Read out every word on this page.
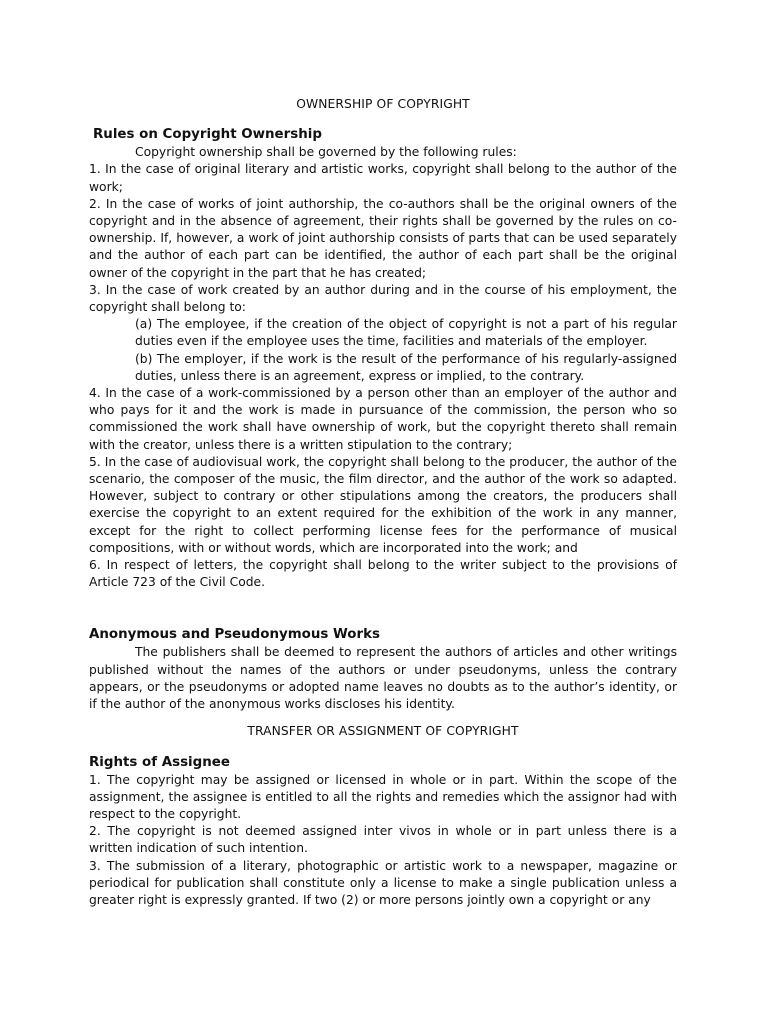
OWNERSHIP OF COPYRIGHT
Rules on Copyright Ownership

Copyright ownership shall be governed by the following rules:

1. In the case of original literary and artistic works, copyright shall belong to the author of the work;

2. In the case of works of joint authorship, the co-authors shall be the original owners of the copyright and in the absence of agreement, their rights shall be governed by the rules on co-ownership. If, however, a work of joint authorship consists of parts that can be used separately and the author of each part can be identified, the author of each part shall be the original owner of the copyright in the part that he has created;

3. In the case of work created by an author during and in the course of his employment, the copyright shall belong to:

(a) The employee, if the creation of the object of copyright is not a part of his regular duties even if the employee uses the time, facilities and materials of the employer.

(b) The employer, if the work is the result of the performance of his regularly-assigned duties, unless there is an agreement, express or implied, to the contrary.

4. In the case of a work-commissioned by a person other than an employer of the author and who pays for it and the work is made in pursuance of the commission, the person who so commissioned the work shall have ownership of work, but the copyright thereto shall remain with the creator, unless there is a written stipulation to the contrary;

5. In the case of audiovisual work, the copyright shall belong to the producer, the author of the scenario, the composer of the music, the film director, and the author of the work so adapted. However, subject to contrary or other stipulations among the creators, the producers shall exercise the copyright to an extent required for the exhibition of the work in any manner, except for the right to collect performing license fees for the performance of musical compositions, with or without words, which are incorporated into the work; and

6. In respect of letters, the copyright shall belong to the writer subject to the provisions of Article 723 of the Civil Code.

Anonymous and Pseudonymous Works

The publishers shall be deemed to represent the authors of articles and other writings published without the names of the authors or under pseudonyms, unless the contrary appears, or the pseudonyms or adopted name leaves no doubts as to the author’s identity, or if the author of the anonymous works discloses his identity.

TRANSFER OR ASSIGNMENT OF COPYRIGHT
Rights of Assignee

1. The copyright may be assigned or licensed in whole or in part. Within the scope of the assignment, the assignee is entitled to all the rights and remedies which the assignor had with respect to the copyright.

2. The copyright is not deemed assigned inter vivos in whole or in part unless there is a written indication of such intention.

3. The submission of a literary, photographic or artistic work to a newspaper, magazine or periodical for publication shall constitute only a license to make a single publication unless a greater right is expressly granted. If two (2) or more persons jointly own a copyright or any
